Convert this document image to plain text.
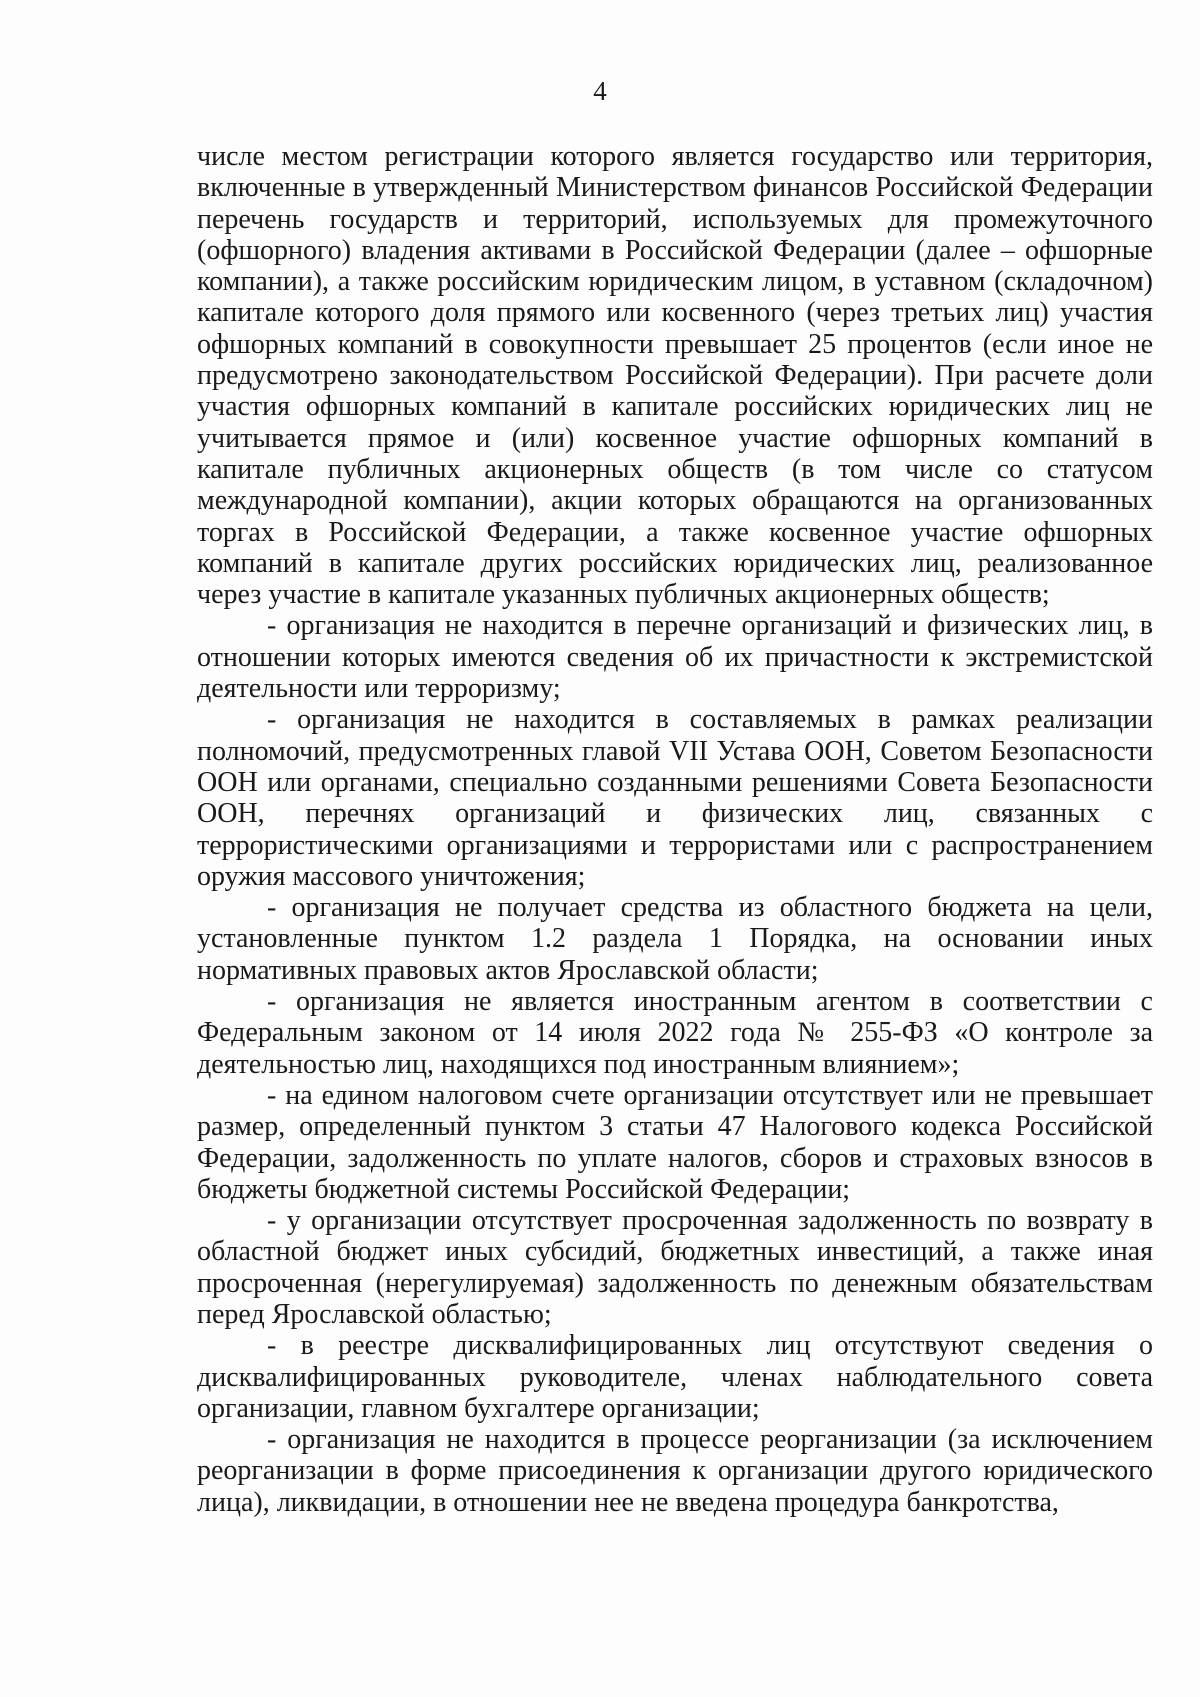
4

числе местом регистрации которого является государство или территория, включенные в утвержденный Министерством финансов Российской Федерации перечень государств и территорий, используемых для промежуточного (офшорного) владения активами в Российской Федерации (далее – офшорные компании), а также российским юридическим лицом, в уставном (складочном) капитале которого доля прямого или косвенного (через третьих лиц) участия офшорных компаний в совокупности превышает 25 процентов (если иное не предусмотрено законодательством Российской Федерации). При расчете доли участия офшорных компаний в капитале российских юридических лиц не учитывается прямое и (или) косвенное участие офшорных компаний в капитале публичных акционерных обществ (в том числе со статусом международной компании), акции которых обращаются на организованных торгах в Российской Федерации, а также косвенное участие офшорных компаний в капитале других российских юридических лиц, реализованное через участие в капитале указанных публичных акционерных обществ;

- организация не находится в перечне организаций и физических лиц, в отношении которых имеются сведения об их причастности к экстремистской деятельности или терроризму;

- организация не находится в составляемых в рамках реализации полномочий, предусмотренных главой VII Устава ООН, Советом Безопасности ООН или органами, специально созданными решениями Совета Безопасности ООН, перечнях организаций и физических лиц, связанных с террористическими организациями и террористами или с распространением оружия массового уничтожения;

- организация не получает средства из областного бюджета на цели, установленные пунктом 1.2 раздела 1 Порядка, на основании иных нормативных правовых актов Ярославской области;

- организация не является иностранным агентом в соответствии с Федеральным законом от 14 июля 2022 года № 255-ФЗ «О контроле за деятельностью лиц, находящихся под иностранным влиянием»;

- на едином налоговом счете организации отсутствует или не превышает размер, определенный пунктом 3 статьи 47 Налогового кодекса Российской Федерации, задолженность по уплате налогов, сборов и страховых взносов в бюджеты бюджетной системы Российской Федерации;

- у организации отсутствует просроченная задолженность по возврату в областной бюджет иных субсидий, бюджетных инвестиций, а также иная просроченная (нерегулируемая) задолженность по денежным обязательствам перед Ярославской областью;

- в реестре дисквалифицированных лиц отсутствуют сведения о дисквалифицированных руководителе, членах наблюдательного совета организации, главном бухгалтере организации;

- организация не находится в процессе реорганизации (за исключением реорганизации в форме присоединения к организации другого юридического лица), ликвидации, в отношении нее не введена процедура банкротства,
